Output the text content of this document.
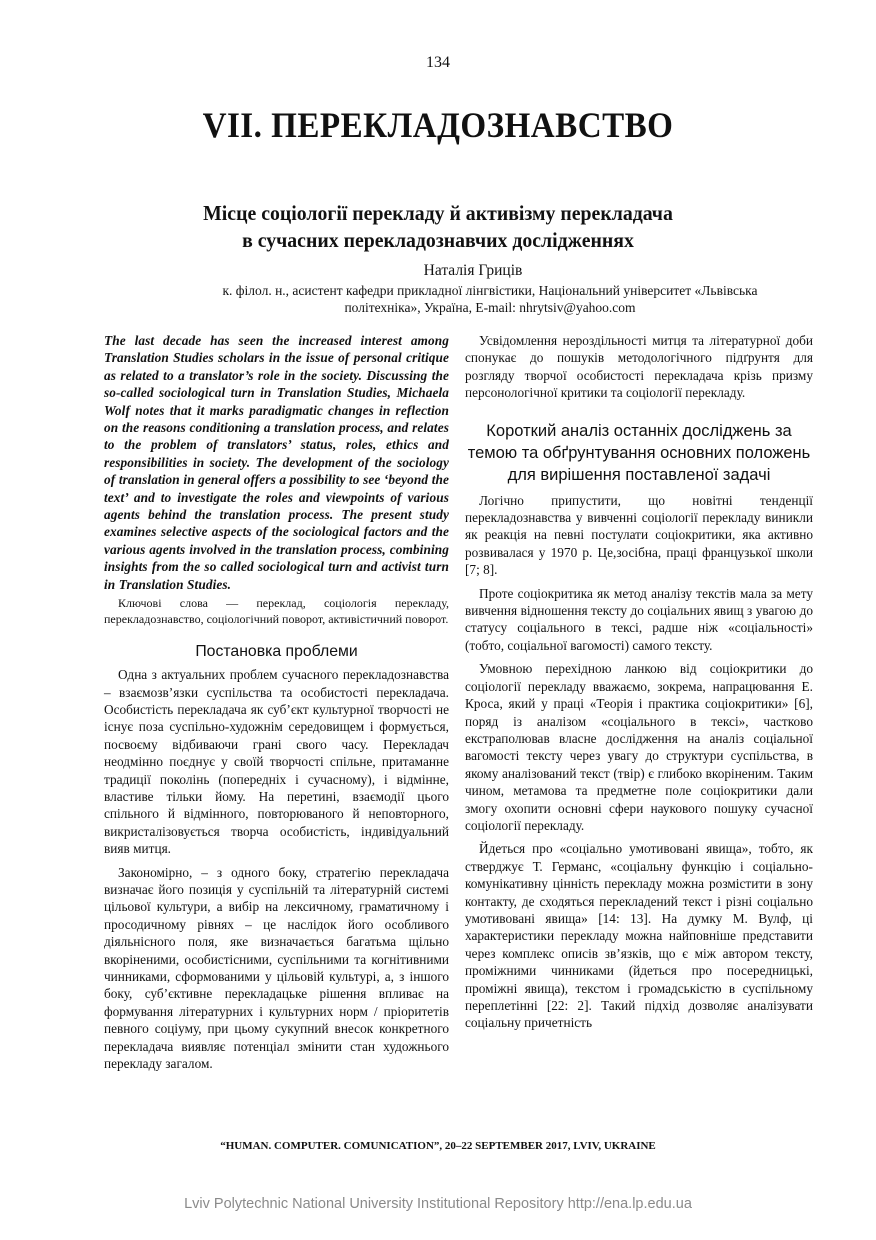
134
VII. ПЕРЕКЛАДОЗНАВСТВО
Місце соціології перекладу й активізму перекладача
в сучасних перекладознавчих дослідженнях
Наталія Гриців
к. філол. н., асистент кафедри прикладної лінгвістики, Національний університет «Львівська
політехніка», Україна, E-mail: nhrytsiv@yahoo.com

The last decade has seen the increased interest among Translation Studies scholars in the issue of personal critique as related to a translator’s role in the society. Discussing the so-called sociological turn in Translation Studies, Michaela Wolf notes that it marks paradigmatic changes in reflection on the reasons conditioning a translation process, and relates to the problem of translators’ status, roles, ethics and responsibilities in society. The development of the sociology of translation in general offers a possibility to see ‘beyond the text’ and to investigate the roles and viewpoints of various agents behind the translation process. The present study examines selective aspects of the sociological factors and the various agents involved in the translation process, combining insights from the so called sociological turn and activist turn in Translation Studies.

Ключові слова — переклад, соціологія перекладу, перекладознавство, соціологічний поворот, активістичний поворот.

Постановка проблеми

Одна з актуальних проблем сучасного перекладознавства – взаємозв’язки суспільства та особистості перекладача. Особистість перекладача як суб’єкт культурної творчості не існує поза суспільно-художнім середовищем і формується, посвоєму відбиваючи грані свого часу. Перекладач неодмінно поєднує у своїй творчості спільне, притаманне традиції поколінь (попередніх і сучасному), і відмінне, властиве тільки йому. На перетині, взаємодії цього спільного й відмінного, повторюваного й неповторного, викристалізовується творча особистість, індивідуальний вияв митця.

Закономірно, – з одного боку, стратегію перекладача визначає його позиція у суспільній та літературній системі цільової культури, а вибір на лексичному, граматичному і просодичному рівнях – це наслідок його особливого діяльнісного поля, яке визначається багатьма щільно вкоріненими, особистісними, суспільними та когнітивними чинниками, сформованими у цільовій культурі, а, з іншого боку, суб’єктивне перекладацьке рішення впливає на формування літературних і культурних норм / пріоритетів певного соціуму, при цьому сукупний внесок конкретного перекладача виявляє потенціал змінити стан художнього перекладу загалом.

Усвідомлення нероздільності митця та літературної доби спонукає до пошуків методологічного підґрунтя для розгляду творчої особистості перекладача крізь призму персонологічної критики та соціології перекладу.

Короткий аналіз останніх досліджень за темою та обґрунтування основних положень для вирішення поставленої задачі

Логічно припустити, що новітні тенденції перекладознавства у вивченні соціології перекладу виникли як реакція на певні постулати соціокритики, яка активно розвивалася у 1970 р. Це,зосібна, праці французької школи [7; 8].

Проте соціокритика як метод аналізу текстів мала за мету вивчення відношення тексту до соціальних явищ з увагою до статусу соціального в тексі, радше ніж «соціальності» (тобто, соціальної вагомості) самого тексту.

Умовною перехідною ланкою від соціокритики до соціології перекладу вважаємо, зокрема, напрацювання Е. Кроса, який у праці «Теорія і практика соціокритики» [6], поряд із аналізом «соціального в тексі», частково екстраполював власне дослідження на аналіз соціальної вагомості тексту через увагу до структури суспільства, в якому аналізований текст (твір) є глибоко вкоріненим. Таким чином, метамова та предметне поле соціокритики дали змогу охопити основні сфери наукового пошуку сучасної соціології перекладу.

Йдеться про «соціально умотивовані явища», тобто, як стверджує Т. Германс, «соціальну функцію і соціально-комунікативну цінність перекладу можна розмістити в зону контакту, де сходяться перекладений текст і різні соціально умотивовані явища» [14: 13]. На думку М. Вулф, ці характеристики перекладу можна найповніше представити через комплекс описів зв’язків, що є між автором тексту, проміжними чинниками (йдеться про посередницькі, проміжні явища), текстом і громадськістю в суспільному переплетінні [22: 2]. Такий підхід дозволяє аналізувати соціальну причетність

“HUMAN. COMPUTER. COMUNICATION”, 20–22 SEPTEMBER 2017, LVIV, UKRAINE
Lviv Polytechnic National University Institutional Repository http://ena.lp.edu.ua
